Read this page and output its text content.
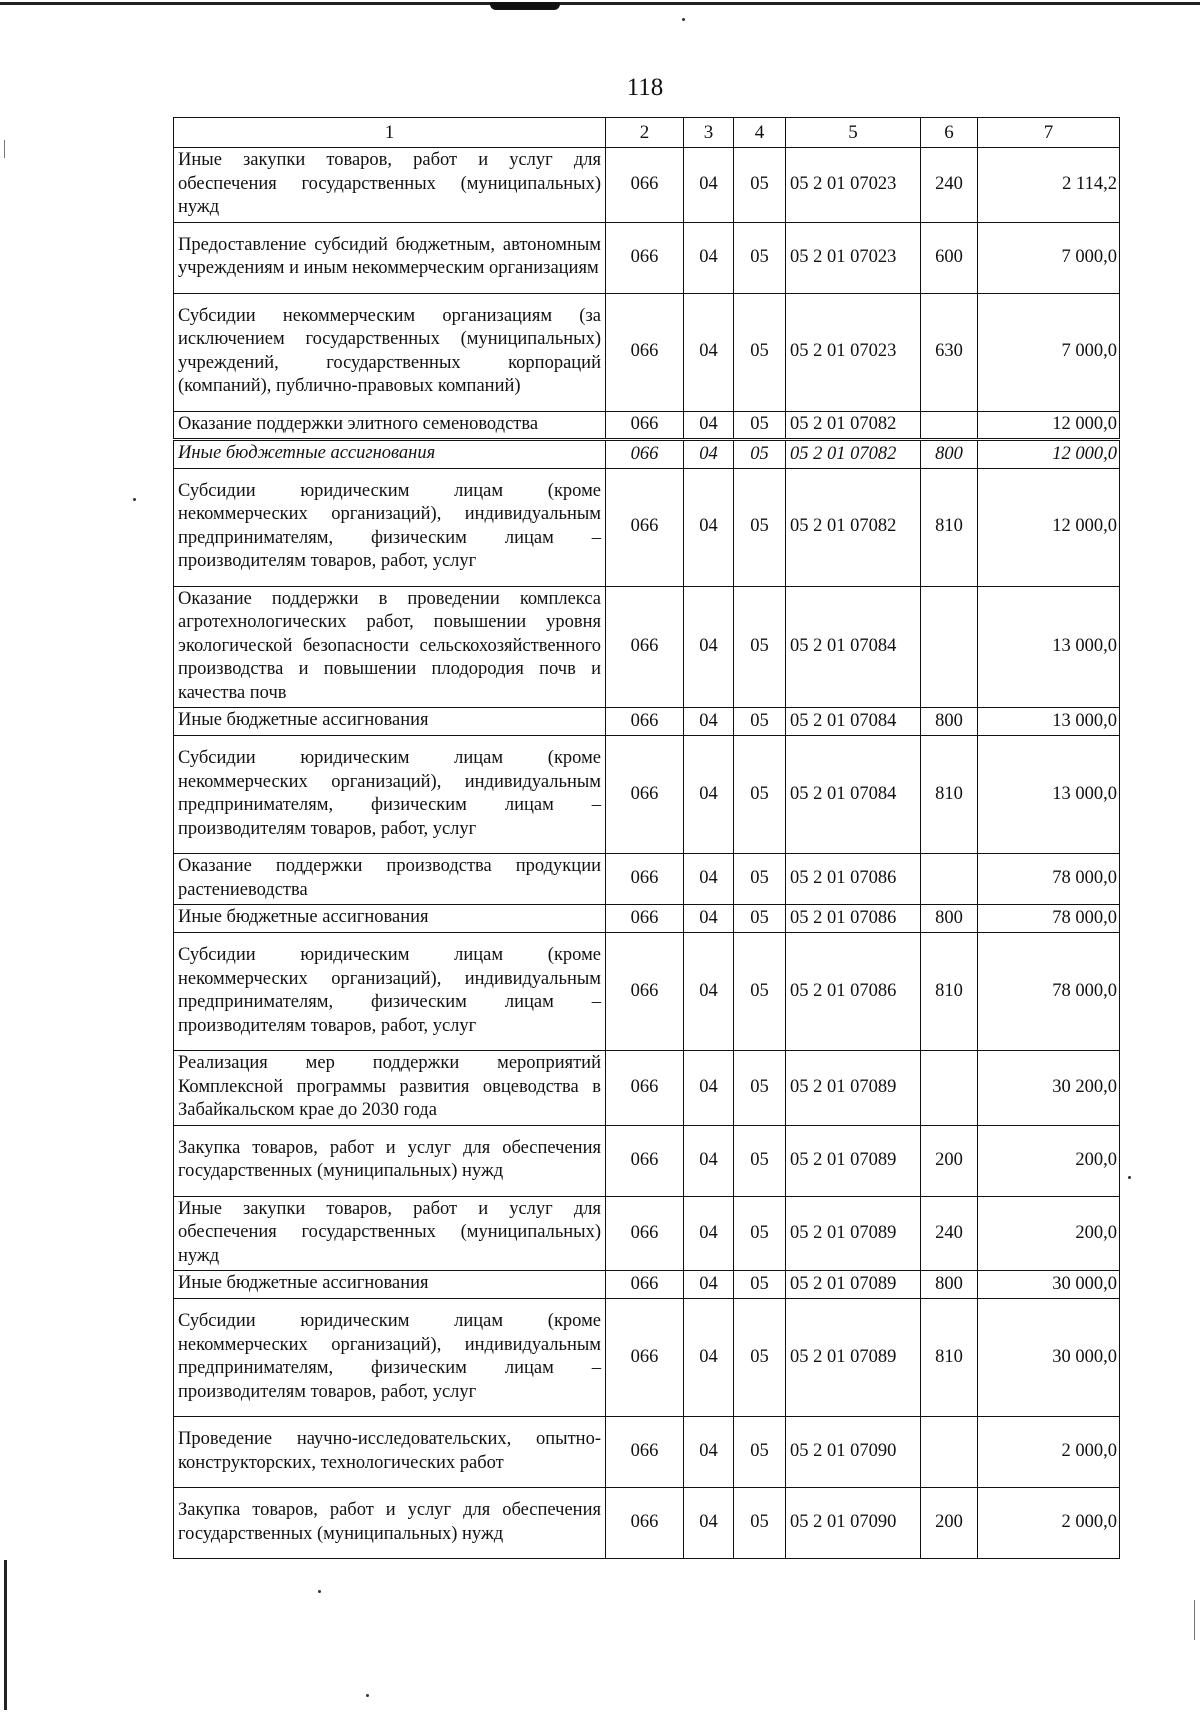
118
1	2	3	4	5	6	7
Иные закупки товаров, работ и услуг для обеспечения государственных (муниципальных) нужд	066	04	05	05 2 01 07023	240	2 114,2
Предоставление субсидий бюджетным, автономным учреждениям и иным некоммерческим организациям	066	04	05	05 2 01 07023	600	7 000,0
Субсидии некоммерческим организациям (за исключением государственных (муниципальных) учреждений, государственных корпораций (компаний), публично-правовых компаний)	066	04	05	05 2 01 07023	630	7 000,0
Оказание поддержки элитного семеноводства	066	04	05	05 2 01 07082		12 000,0
Иные бюджетные ассигнования	066	04	05	05 2 01 07082	800	12 000,0
Субсидии юридическим лицам (кроме некоммерческих организаций), индивидуальным предпринимателям, физическим лицам – производителям товаров, работ, услуг	066	04	05	05 2 01 07082	810	12 000,0
Оказание поддержки в проведении комплекса агротехнологических работ, повышении уровня экологической безопасности сельскохозяйственного производства и повышении плодородия почв и качества почв	066	04	05	05 2 01 07084		13 000,0
Иные бюджетные ассигнования	066	04	05	05 2 01 07084	800	13 000,0
Субсидии юридическим лицам (кроме некоммерческих организаций), индивидуальным предпринимателям, физическим лицам – производителям товаров, работ, услуг	066	04	05	05 2 01 07084	810	13 000,0
Оказание поддержки производства продукции растениеводства	066	04	05	05 2 01 07086		78 000,0
Иные бюджетные ассигнования	066	04	05	05 2 01 07086	800	78 000,0
Субсидии юридическим лицам (кроме некоммерческих организаций), индивидуальным предпринимателям, физическим лицам – производителям товаров, работ, услуг	066	04	05	05 2 01 07086	810	78 000,0
Реализация мер поддержки мероприятий Комплексной программы развития овцеводства в Забайкальском крае до 2030 года	066	04	05	05 2 01 07089		30 200,0
Закупка товаров, работ и услуг для обеспечения государственных (муниципальных) нужд	066	04	05	05 2 01 07089	200	200,0
Иные закупки товаров, работ и услуг для обеспечения государственных (муниципальных) нужд	066	04	05	05 2 01 07089	240	200,0
Иные бюджетные ассигнования	066	04	05	05 2 01 07089	800	30 000,0
Субсидии юридическим лицам (кроме некоммерческих организаций), индивидуальным предпринимателям, физическим лицам – производителям товаров, работ, услуг	066	04	05	05 2 01 07089	810	30 000,0
Проведение научно-исследовательских, опытно-конструкторских, технологических работ	066	04	05	05 2 01 07090		2 000,0
Закупка товаров, работ и услуг для обеспечения государственных (муниципальных) нужд	066	04	05	05 2 01 07090	200	2 000,0
